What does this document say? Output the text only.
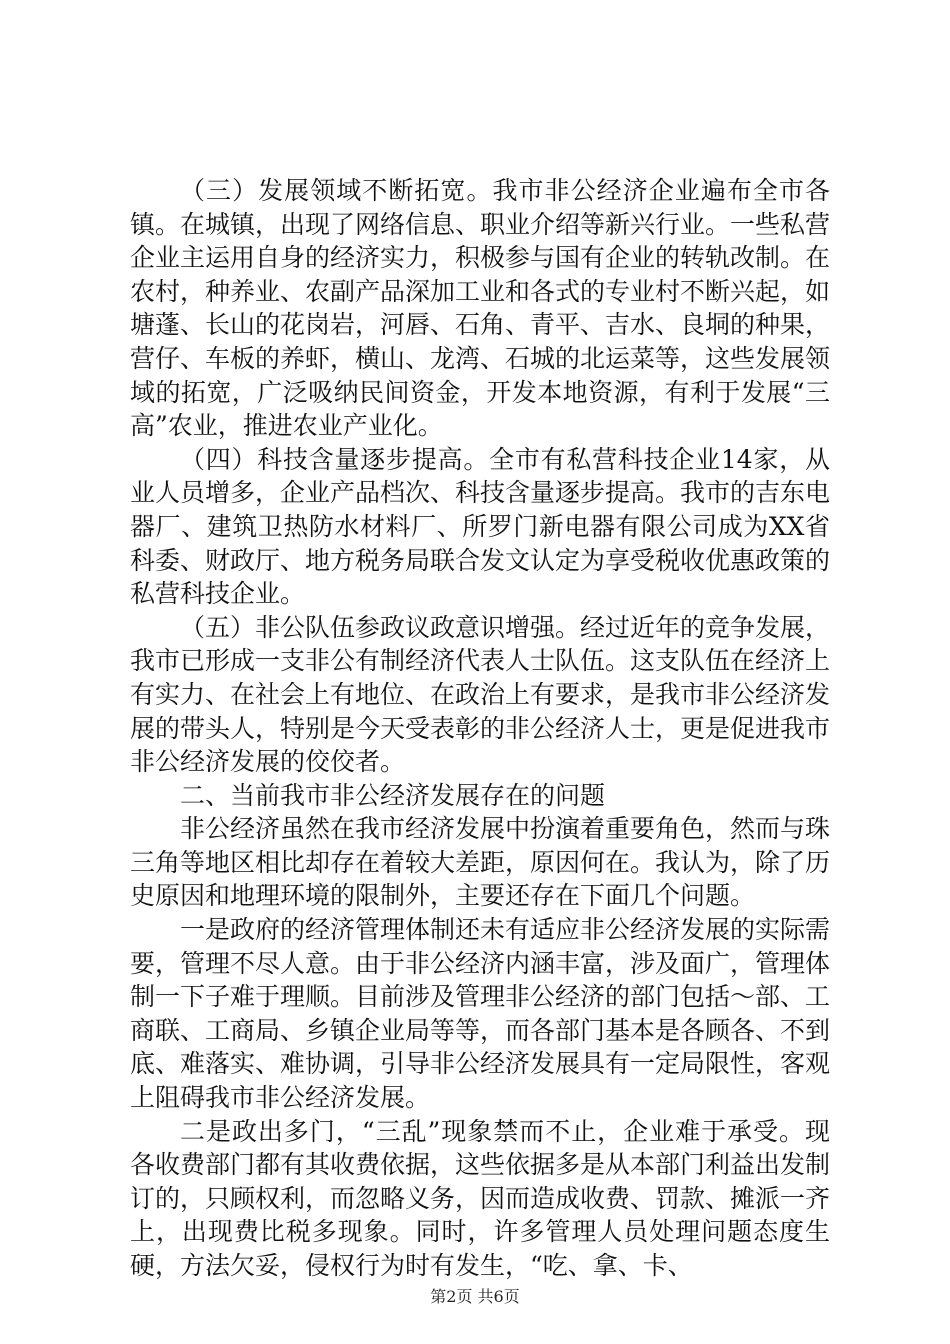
（三）发展领域不断拓宽。我市非公经济企业遍布全市各镇。在城镇，出现了网络信息、职业介绍等新兴行业。一些私营企业主运用自身的经济实力，积极参与国有企业的转轨改制。在农村，种养业、农副产品深加工业和各式的专业村不断兴起，如塘蓬、长山的花岗岩，河唇、石角、青平、吉水、良垌的种果，营仔、车板的养虾，横山、龙湾、石城的北运菜等，这些发展领域的拓宽，广泛吸纳民间资金，开发本地资源，有利于发展“三高”农业，推进农业产业化。

（四）科技含量逐步提高。全市有私营科技企业14家，从业人员增多，企业产品档次、科技含量逐步提高。我市的吉东电器厂、建筑卫热防水材料厂、所罗门新电器有限公司成为XX省科委、财政厅、地方税务局联合发文认定为享受税收优惠政策的私营科技企业。

（五）非公队伍参政议政意识增强。经过近年的竞争发展，我市已形成一支非公有制经济代表人士队伍。这支队伍在经济上有实力、在社会上有地位、在政治上有要求，是我市非公经济发展的带头人，特别是今天受表彰的非公经济人士，更是促进我市非公经济发展的佼佼者。

二、当前我市非公经济发展存在的问题

非公经济虽然在我市经济发展中扮演着重要角色，然而与珠三角等地区相比却存在着较大差距，原因何在。我认为，除了历史原因和地理环境的限制外，主要还存在下面几个问题。

一是政府的经济管理体制还未有适应非公经济发展的实际需要，管理不尽人意。由于非公经济内涵丰富，涉及面广，管理体制一下子难于理顺。目前涉及管理非公经济的部门包括～部、工商联、工商局、乡镇企业局等等，而各部门基本是各顾各、不到底、难落实、难协调，引导非公经济发展具有一定局限性，客观上阻碍我市非公经济发展。

二是政出多门，“三乱”现象禁而不止，企业难于承受。现各收费部门都有其收费依据，这些依据多是从本部门利益出发制订的，只顾权利，而忽略义务，因而造成收费、罚款、摊派一齐上，出现费比税多现象。同时，许多管理人员处理问题态度生硬，方法欠妥，侵权行为时有发生，“吃、拿、卡、

第2页 共6页
